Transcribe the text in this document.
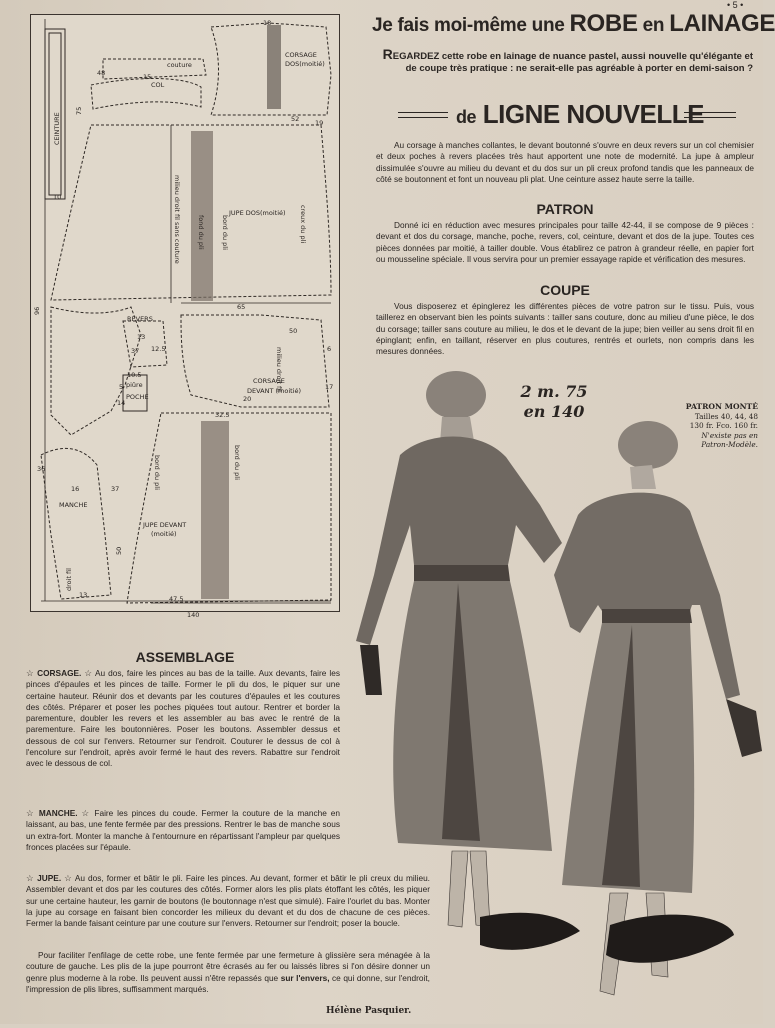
CEINTURE
COL
couture
CORSAGE
DOS(moitié)
JUPE DOS(moitié)
milieu droit fil sans couture fond du pli bord du pli	creux du pli
REVERS
piûre
POCHE
CORSAGE
DEVANT (moitié)
milieu droit fil
MANCHE
droit fil
JUPE DEVANT
(moitié)
bord du pli	bord du pli
96
48	15
19
10
52
18
75
65
13
37 12.5
5
10.5
14
50
6
17
20
32.5
36
47.5
140
13
16	37
50
• 5 •
Je fais moi-même une ROBE en LAINAGE
REGARDEZ cette robe en lainage de nuance pastel, aussi nouvelle qu'élégante et de coupe très pratique : ne serait-elle pas agréable à porter en demi-saison ?
de LIGNE NOUVELLE
Au corsage à manches collantes, le devant boutonné s'ouvre en deux revers sur un col chemisier et deux poches à revers placées très haut apportent une note de modernité. La jupe à ampleur dissimulée s'ouvre au milieu du devant et du dos sur un pli creux profond tandis que les panneaux de côté se boutonnent et font un nouveau pli plat. Une ceinture assez haute serre la taille.
PATRON
Donné ici en réduction avec mesures principales pour taille 42-44, il se compose de 9 pièces : devant et dos du corsage, manche, poche, revers, col, ceinture, devant et dos de la jupe. Toutes ces pièces données par moitié, à tailler double. Vous établirez ce patron à grandeur réelle, en papier fort ou mousseline spéciale. Il vous servira pour un premier essayage rapide et vérification des mesures.
COUPE
Vous disposerez et épinglerez les différentes pièces de votre patron sur le tissu. Puis, vous taillerez en observant bien les points suivants : tailler sans couture, donc au milieu d'une pièce, le dos du corsage; tailler sans couture au milieu, le dos et le devant de la jupe; bien veiller au sens droit fil en épinglant; enfin, en taillant, réserver en plus coutures, rentrés et ourlets, non compris dans les mesures données.
2 m. 75
en 140	PATRON MONTÉ
Tailles 40, 44, 48
130 fr. Fco. 160 fr.
N'existe pas en
Patron-Modèle.
ASSEMBLAGE
☆ CORSAGE. ☆ Au dos, faire les pinces au bas de la taille. Aux devants, faire les pinces d'épaules et les pinces de taille. Former le pli du dos, le piquer sur une certaine hauteur. Réunir dos et devants par les coutures d'épaules et les coutures des côtés. Préparer et poser les poches piquées tout autour. Rentrer et border la parementure, doubler les revers et les assembler au bas avec le rentré de la parementure. Faire les boutonnières. Poser les boutons. Assembler dessus et dessous de col sur l'envers. Retourner sur l'endroit. Couturer le dessus de col à l'encolure sur l'endroit, après avoir fermé le haut des revers. Rabattre sur l'endroit avec le dessous de col.
☆ MANCHE. ☆ Faire les pinces du coude. Fermer la couture de la manche en laissant, au bas, une fente fermée par des pressions. Rentrer le bas de manche sous un extra-fort. Monter la manche à l'entournure en répartissant l'ampleur par quelques fronces placées sur l'épaule.
☆ JUPE. ☆ Au dos, former et bâtir le pli. Faire les pinces. Au devant, former et bâtir le pli creux du milieu. Assembler devant et dos par les coutures des côtés. Former alors les plis plats étoffant les côtés, les piquer sur une certaine hauteur, les garnir de boutons (le boutonnage n'est que simulé). Faire l'ourlet du bas. Monter la jupe au corsage en faisant bien concorder les milieux du devant et du dos de chacune de ces pièces. Fermer la bande faisant ceinture par une couture sur l'envers. Retourner sur l'endroit; poser la boucle.
Pour faciliter l'enfilage de cette robe, une fente fermée par une fermeture à glissière sera ménagée à la couture de gauche. Les plis de la jupe pourront être écrasés au fer ou laissés libres si l'on désire donner un genre plus moderne à la robe. Ils peuvent aussi n'être repassés que sur l'envers, ce qui donne, sur l'endroit, l'impression de plis libres, suffisamment marqués.
Hélène Pasquier.
